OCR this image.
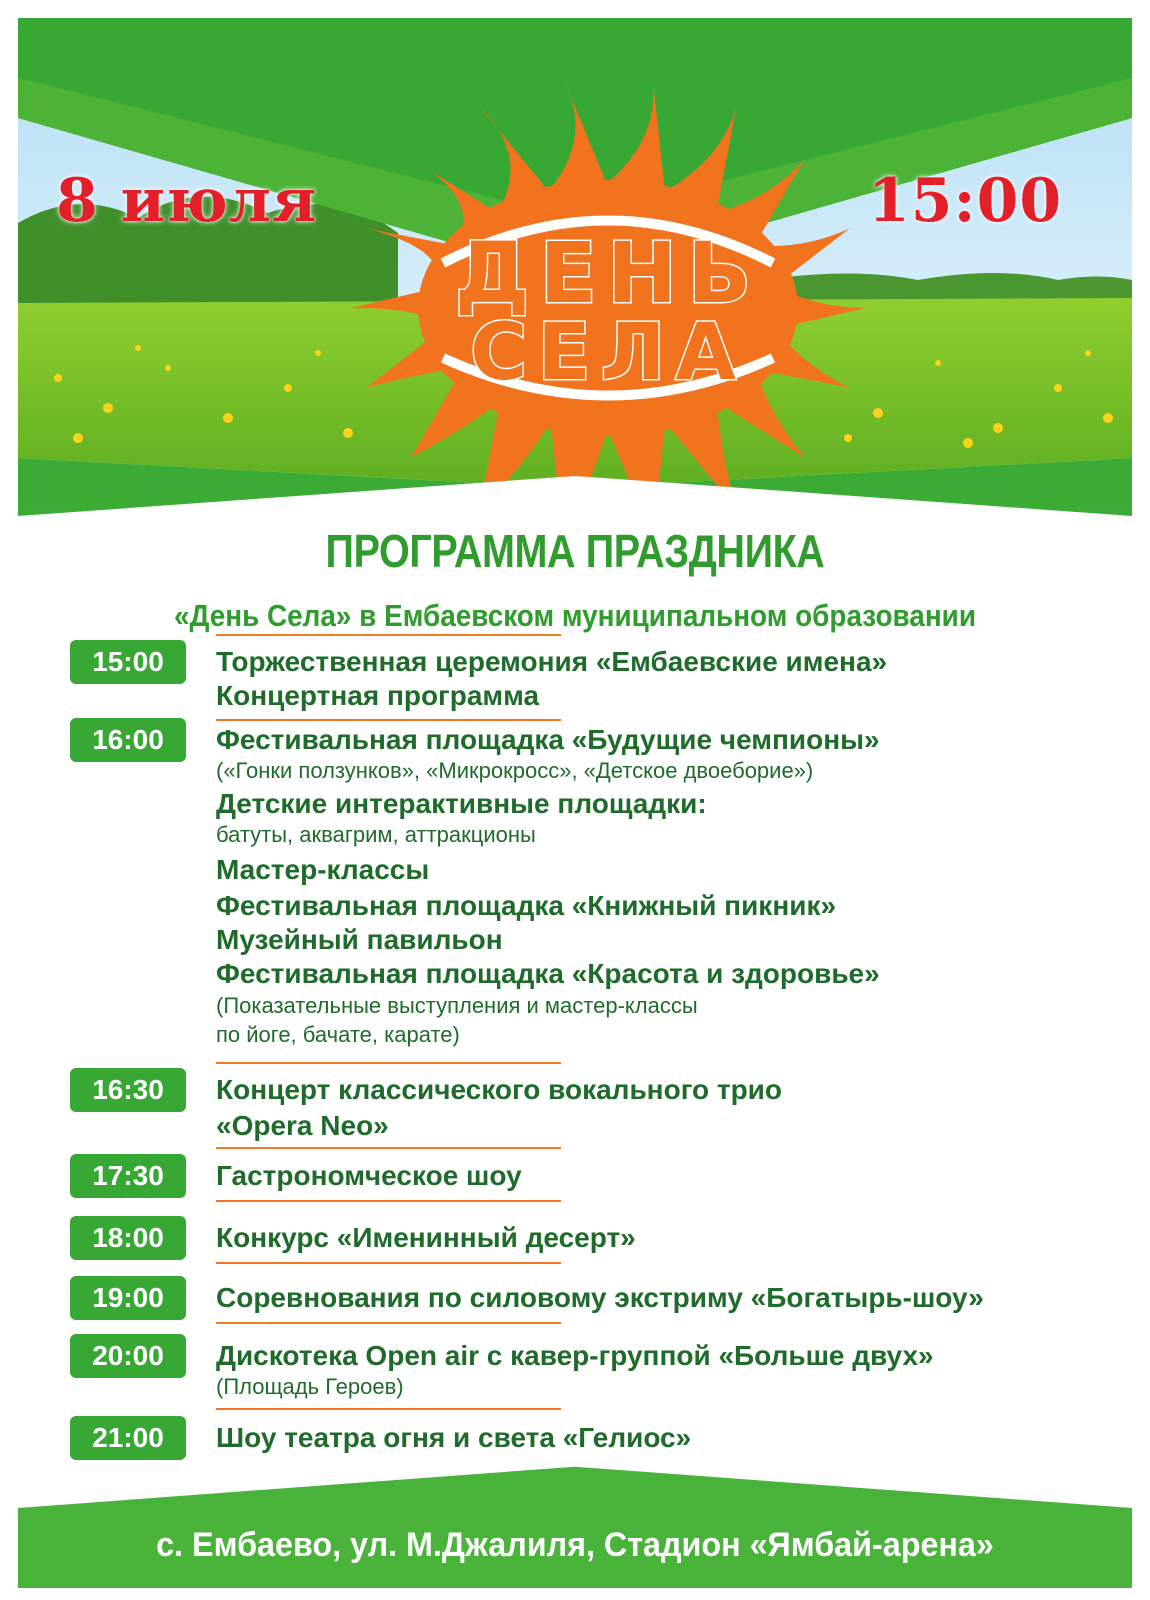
8 июля	15:00
ДЕНЬ
СЕЛА
ПРОГРАММА ПРАЗДНИКА
«День Села» в Ембаевском муниципальном образовании
15:00	Торжественная церемония «Ембаевские имена»
Концертная программа
16:00	Фестивальная площадка «Будущие чемпионы»
(«Гонки ползунков», «Микрокросс», «Детское двоеборие»)
Детские интерактивные площадки:
батуты, аквагрим, аттракционы
Мастер-классы
Фестивальная площадка «Книжный пикник»
Музейный павильон
Фестивальная площадка «Красота и здоровье»
(Показательные выступления и мастер-классы
по йоге, бачате, карате)
16:30	Концерт классического вокального трио
«Opera Neo»
17:30	Гастрономческое шоу
18:00	Конкурс «Именинный десерт»
19:00	Соревнования по силовому экстриму «Богатырь-шоу»
20:00	Дискотека Open air с кавер-группой «Больше двух»
(Площадь Героев)
21:00	Шоу театра огня и света «Гелиос»
с. Ембаево, ул. М.Джалиля, Стадион «Ямбай-арена»
